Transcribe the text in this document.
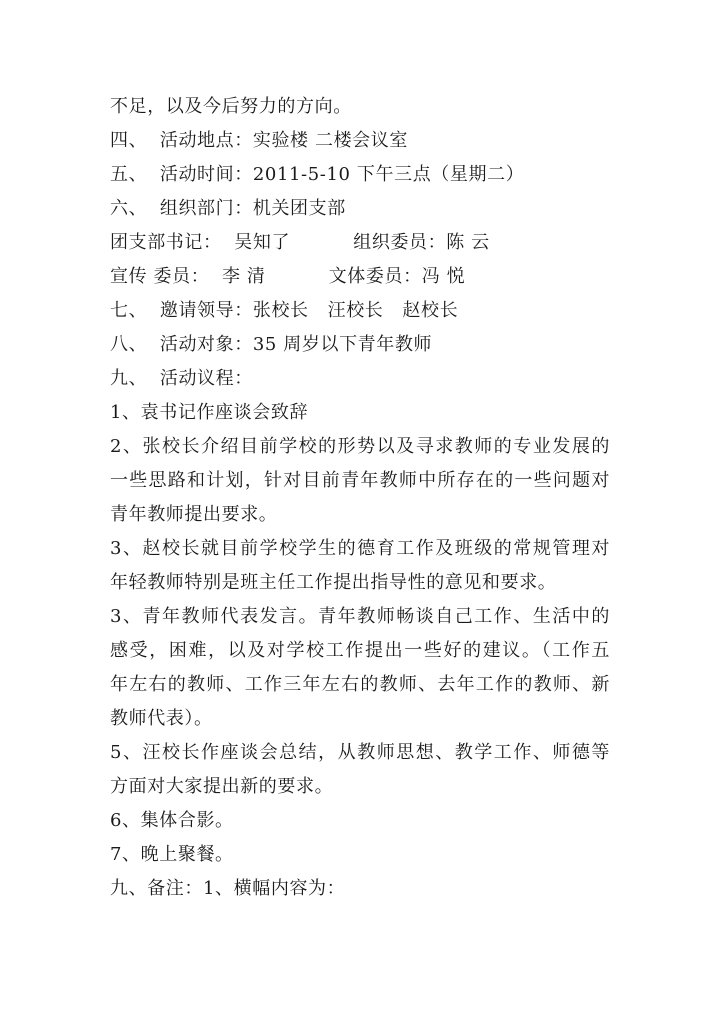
不足，以及今后努力的方向。
四、  活动地点：实验楼 二楼会议室
五、  活动时间：2011-5-10 下午三点（星期二）
六、  组织部门：机关团支部
团支部书记：  吴知了          组织委员：陈 云
宣传 委员：  李 清          文体委员：冯 悦
七、  邀请领导：张校长   汪校长   赵校长
八、  活动对象：35 周岁以下青年教师
九、  活动议程：
1、袁书记作座谈会致辞
2、张校长介绍目前学校的形势以及寻求教师的专业发展的
一些思路和计划，针对目前青年教师中所存在的一些问题对
青年教师提出要求。
3、赵校长就目前学校学生的德育工作及班级的常规管理对
年轻教师特别是班主任工作提出指导性的意见和要求。
3、青年教师代表发言。青年教师畅谈自己工作、生活中的
感受，困难，以及对学校工作提出一些好的建议。（工作五
年左右的教师、工作三年左右的教师、去年工作的教师、新
教师代表）。
5、汪校长作座谈会总结，从教师思想、教学工作、师德等
方面对大家提出新的要求。
6、集体合影。
7、晚上聚餐。
九、备注：1、横幅内容为：
